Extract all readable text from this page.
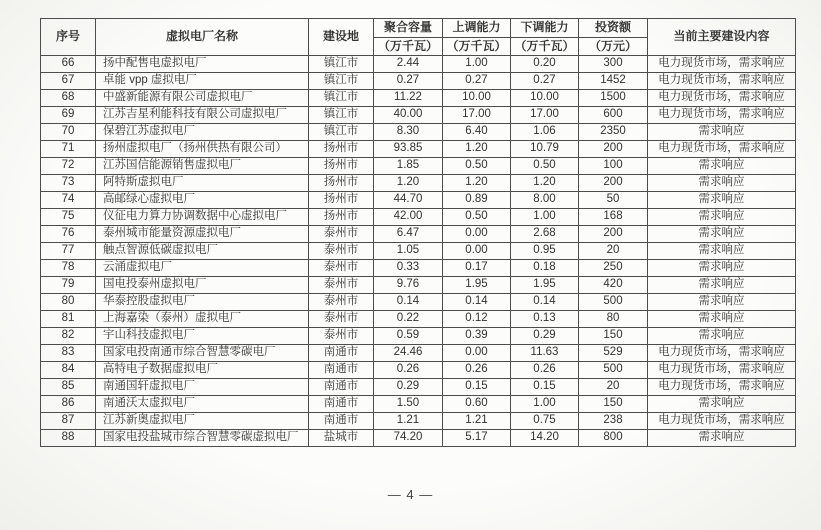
序号	虚拟电厂名称	建设地	聚合容量	上调能力	下调能力	投资额	当前主要建设内容
			（万千瓦）	（万千瓦）	（万千瓦）	（万元）	
66	扬中配售电虚拟电厂	镇江市	2.44	1.00	0.20	300	电力现货市场，需求响应
67	卓能 vpp 虚拟电厂	镇江市	0.27	0.27	0.27	1452	电力现货市场，需求响应
68	中盛新能源有限公司虚拟电厂	镇江市	11.22	10.00	10.00	1500	电力现货市场，需求响应
69	江苏吉星利能科技有限公司虚拟电厂	镇江市	40.00	17.00	17.00	600	电力现货市场，需求响应
70	保碧江苏虚拟电厂	镇江市	8.30	6.40	1.06	2350	需求响应
71	扬州虚拟电厂（扬州供热有限公司）	扬州市	93.85	1.20	10.79	200	电力现货市场，需求响应
72	江苏国信能源销售虚拟电厂	扬州市	1.85	0.50	0.50	100	需求响应
73	阿特斯虚拟电厂	扬州市	1.20	1.20	1.20	200	需求响应
74	高邮绿心虚拟电厂	扬州市	44.70	0.89	8.00	50	需求响应
75	仪征电力算力协调数据中心虚拟电厂	扬州市	42.00	0.50	1.00	168	需求响应
76	泰州城市能量资源虚拟电厂	泰州市	6.47	0.00	2.68	200	需求响应
77	触点智源低碳虚拟电厂	泰州市	1.05	0.00	0.95	20	需求响应
78	云涌虚拟电厂	泰州市	0.33	0.17	0.18	250	需求响应
79	国电投泰州虚拟电厂	泰州市	9.76	1.95	1.95	420	需求响应
80	华泰控股虚拟电厂	泰州市	0.14	0.14	0.14	500	需求响应
81	上海嘉染（泰州）虚拟电厂	泰州市	0.22	0.12	0.13	80	需求响应
82	宇山科技虚拟电厂	泰州市	0.59	0.39	0.29	150	需求响应
83	国家电投南通市综合智慧零碳电厂	南通市	24.46	0.00	11.63	529	电力现货市场，需求响应
84	高特电子数据虚拟电厂	南通市	0.26	0.26	0.26	500	电力现货市场，需求响应
85	南通国轩虚拟电厂	南通市	0.29	0.15	0.15	20	电力现货市场，需求响应
86	南通沃太虚拟电厂	南通市	1.50	0.60	1.00	150	需求响应
87	江苏新奥虚拟电厂	南通市	1.21	1.21	0.75	238	电力现货市场，需求响应
88	国家电投盐城市综合智慧零碳虚拟电厂	盐城市	74.20	5.17	14.20	800	需求响应
— 4 —
